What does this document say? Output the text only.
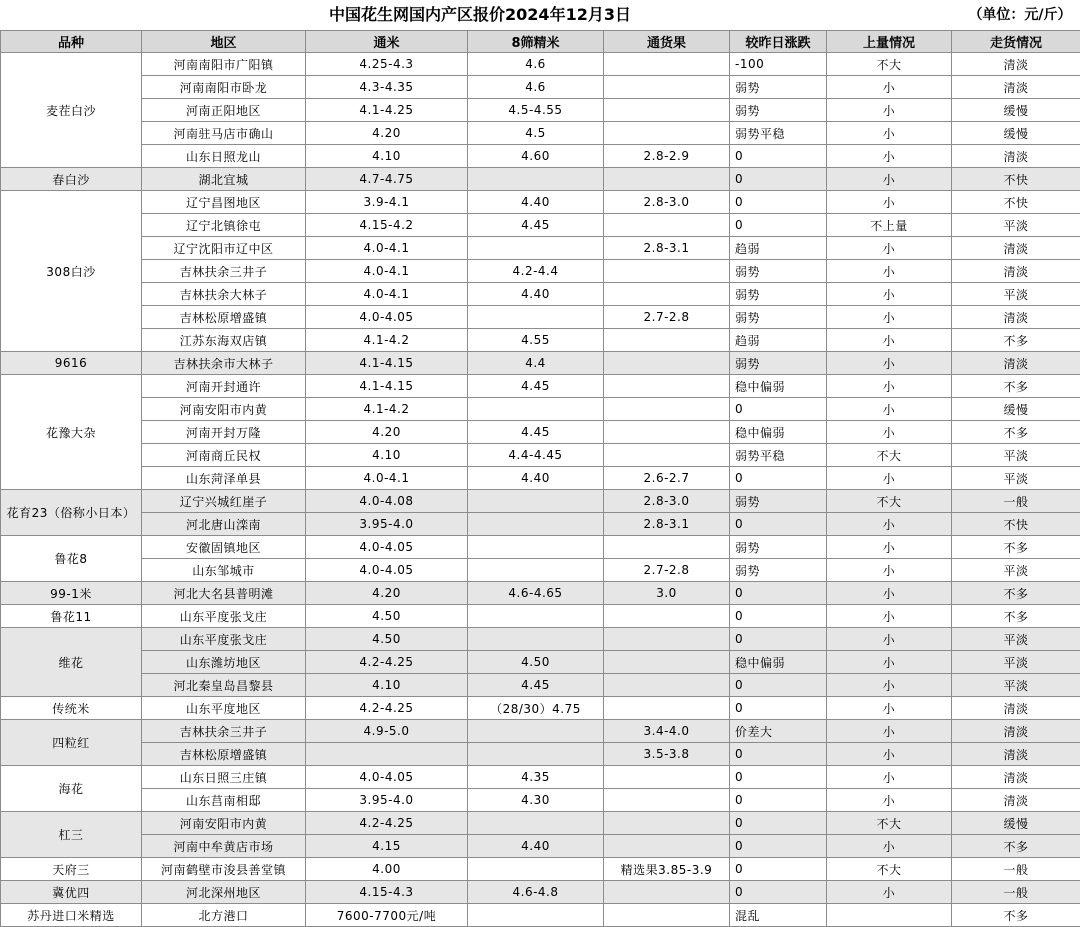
中国花生网国内产区报价2024年12月3日	（单位：元/斤）
品种	地区	通米	8筛精米	通货果	较昨日涨跌	上量情况	走货情况
麦茬白沙	河南南阳市广阳镇	4.25-4.3	4.6		-100	不大	清淡
	河南南阳市卧龙	4.3-4.35	4.6		弱势	小	清淡
	河南正阳地区	4.1-4.25	4.5-4.55		弱势	小	缓慢
	河南驻马店市确山	4.20	4.5		弱势平稳	小	缓慢
	山东日照龙山	4.10	4.60	2.8-2.9	0	小	清淡
春白沙	湖北宜城	4.7-4.75			0	小	不快
308白沙	辽宁昌图地区	3.9-4.1	4.40	2.8-3.0	0	小	不快
	辽宁北镇徐屯	4.15-4.2	4.45		0	不上量	平淡
	辽宁沈阳市辽中区	4.0-4.1		2.8-3.1	趋弱	小	清淡
	吉林扶余三井子	4.0-4.1	4.2-4.4		弱势	小	清淡
	吉林扶余大林子	4.0-4.1	4.40		弱势	小	平淡
	吉林松原增盛镇	4.0-4.05		2.7-2.8	弱势	小	清淡
	江苏东海双店镇	4.1-4.2	4.55		趋弱	小	不多
9616	吉林扶余市大林子	4.1-4.15	4.4		弱势	小	清淡
花豫大杂	河南开封通许	4.1-4.15	4.45		稳中偏弱	小	不多
	河南安阳市内黄	4.1-4.2			0	小	缓慢
	河南开封万隆	4.20	4.45		稳中偏弱	小	不多
	河南商丘民权	4.10	4.4-4.45		弱势平稳	不大	平淡
	山东菏泽单县	4.0-4.1	4.40	2.6-2.7	0	小	平淡
花育23（俗称小日本）	辽宁兴城红崖子	4.0-4.08		2.8-3.0	弱势	不大	一般
	河北唐山滦南	3.95-4.0		2.8-3.1	0	小	不快
鲁花8	安徽固镇地区	4.0-4.05			弱势	小	不多
	山东邹城市	4.0-4.05		2.7-2.8	弱势	小	平淡
99-1米	河北大名县普明滩	4.20	4.6-4.65	3.0	0	小	不多
鲁花11	山东平度张戈庄	4.50			0	小	不多
维花	山东平度张戈庄	4.50			0	小	平淡
	山东潍坊地区	4.2-4.25	4.50		稳中偏弱	小	平淡
	河北秦皇岛昌黎县	4.10	4.45		0	小	平淡
传统米	山东平度地区	4.2-4.25	（28/30）4.75		0	小	清淡
四粒红	吉林扶余三井子	4.9-5.0		3.4-4.0	价差大	小	清淡
	吉林松原增盛镇			3.5-3.8	0	小	清淡
海花	山东日照三庄镇	4.0-4.05	4.35		0	小	清淡
	山东莒南相邸	3.95-4.0	4.30		0	小	清淡
杠三	河南安阳市内黄	4.2-4.25			0	不大	缓慢
	河南中牟黄店市场	4.15	4.40		0	小	不多
天府三	河南鹤壁市浚县善堂镇	4.00		精选果3.85-3.9	0	不大	一般
冀优四	河北深州地区	4.15-4.3	4.6-4.8		0	小	一般
苏丹进口米精选	北方港口	7600-7700元/吨			混乱		不多
